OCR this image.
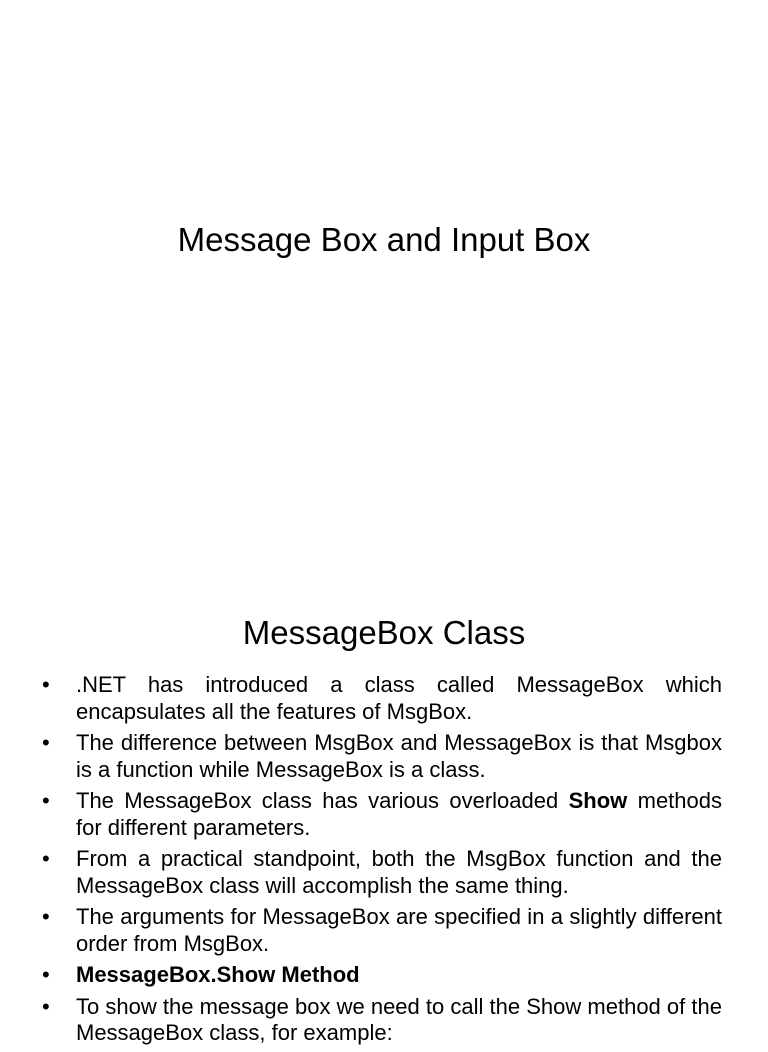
Message Box and Input Box
MessageBox Class
• .NET has introduced a class called MessageBox which encapsulates all the features of MsgBox.
• The difference between MsgBox and MessageBox is that Msgbox is a function while MessageBox is a class.
• The MessageBox class has various overloaded Show methods for different parameters.
• From a practical standpoint, both the MsgBox function and the MessageBox class will accomplish the same thing.
• The arguments for MessageBox are specified in a slightly different order from MsgBox.
• MessageBox.Show Method
• To show the message box we need to call the Show method of the MessageBox class, for example:
